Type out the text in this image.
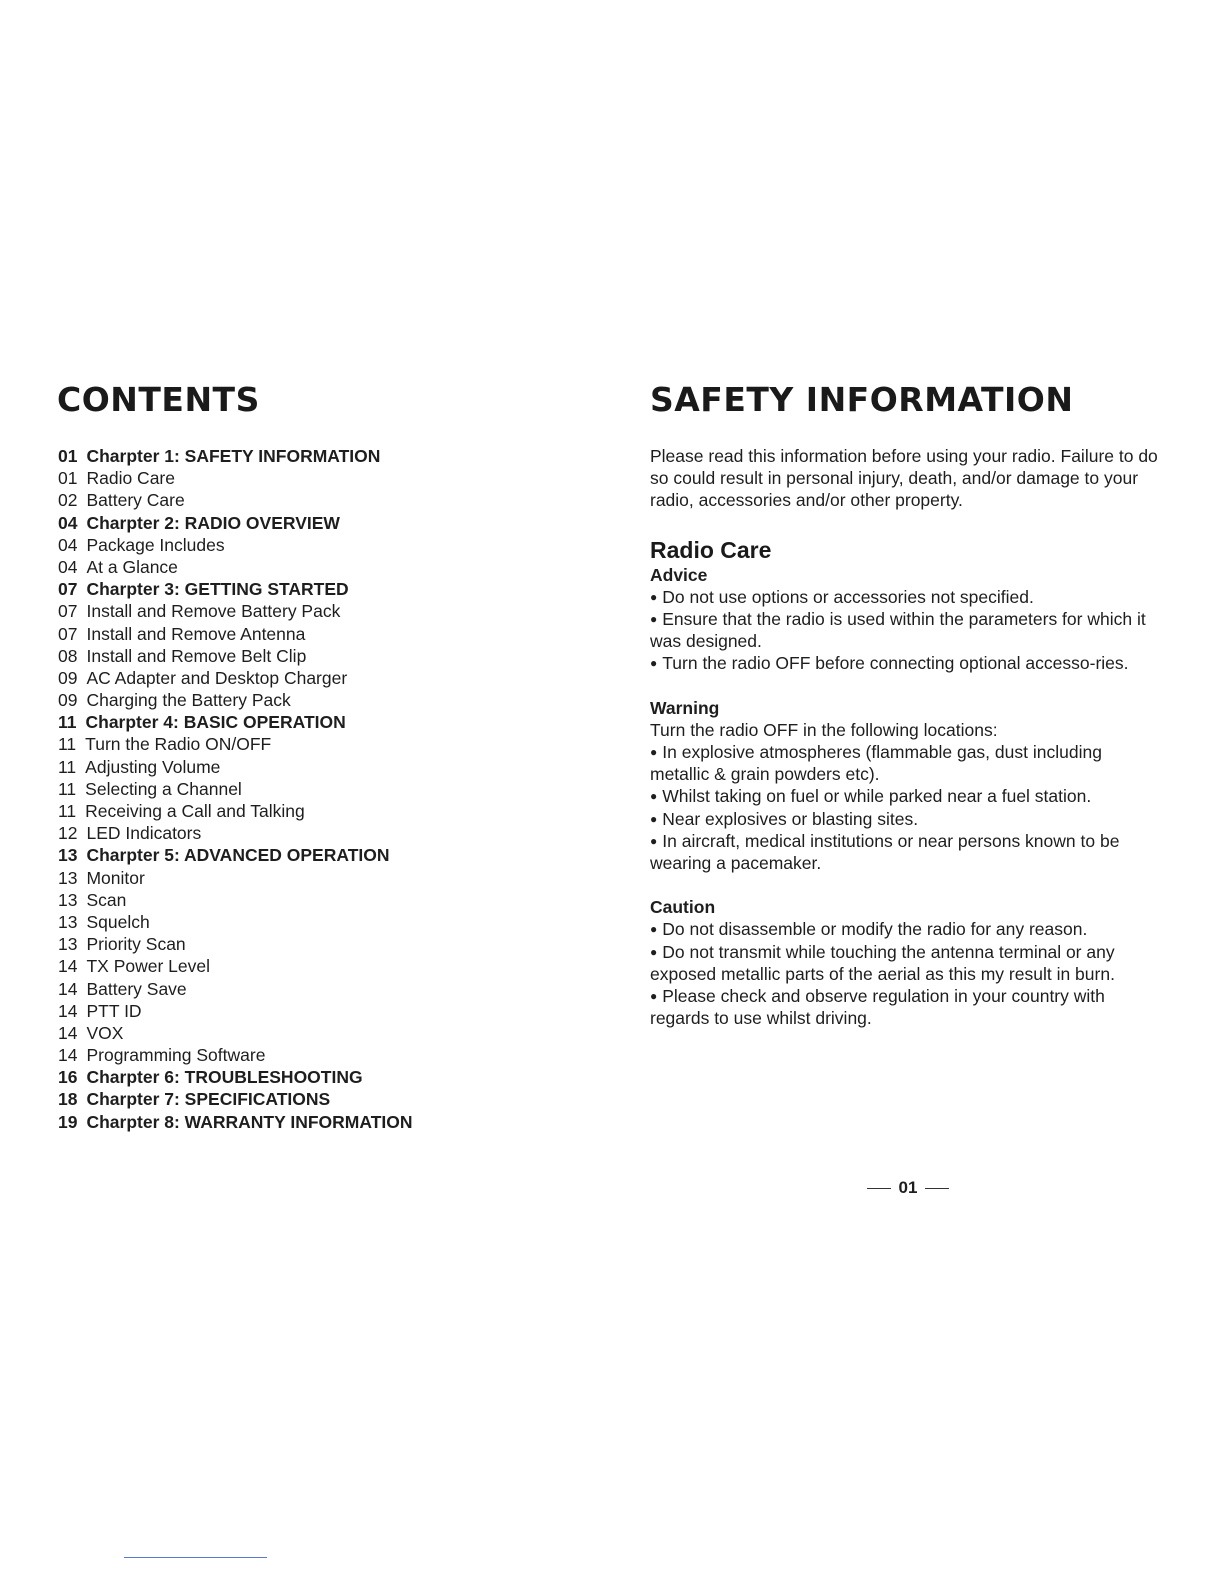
CONTENTS
01 Charpter 1: SAFETY INFORMATION
01 Radio Care
02 Battery Care
04 Charpter 2: RADIO OVERVIEW
04 Package Includes
04 At a Glance
07 Charpter 3: GETTING STARTED
07 Install and Remove Battery Pack
07 Install and Remove Antenna
08 Install and Remove Belt Clip
09 AC Adapter and Desktop Charger
09 Charging the Battery Pack
11 Charpter 4: BASIC OPERATION
11 Turn the Radio ON/OFF
11 Adjusting Volume
11 Selecting a Channel
11 Receiving a Call and Talking
12 LED Indicators
13 Charpter 5: ADVANCED OPERATION
13 Monitor
13 Scan
13 Squelch
13 Priority Scan
14 TX Power Level
14 Battery Save
14 PTT ID
14 VOX
14 Programming Software
16 Charpter 6: TROUBLESHOOTING
18 Charpter 7: SPECIFICATIONS
19 Charpter 8: WARRANTY INFORMATION
SAFETY INFORMATION

Please read this information before using your radio. Failure to do so could result in personal injury, death, and/or damage to your radio, accessories and/or other property.

Radio Care
Advice
● Do not use options or accessories not specified.
● Ensure that the radio is used within the parameters for which it was designed.
● Turn the radio OFF before connecting optional accesso-ries.
Warning

Turn the radio OFF in the following locations:

● In explosive atmospheres (flammable gas, dust including metallic & grain powders etc).
● Whilst taking on fuel or while parked near a fuel station.
● Near explosives or blasting sites.
● In aircraft, medical institutions or near persons known to be wearing a pacemaker.
Caution
● Do not disassemble or modify the radio for any reason.
● Do not transmit while touching the antenna terminal or any exposed metallic parts of the aerial as this my result in burn.
● Please check and observe regulation in your country with regards to use whilst driving.
01
